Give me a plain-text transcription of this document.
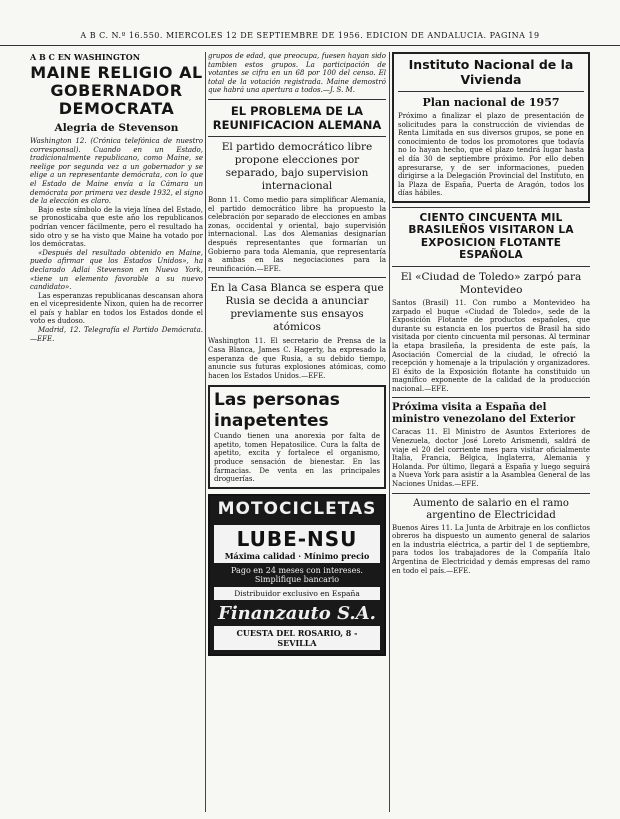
A B C. N.º 16.550. MIERCOLES 12 DE SEPTIEMBRE DE 1956. EDICION DE ANDALUCIA. PAGINA 19

A B C EN WASHINGTON

MAINE RELIGIO AL GOBERNADOR DEMOCRATA
Alegria de Stevenson

Washington 12. (Crónica telefónica de nuestro corresponsal). Cuando en un Estado, tradicionalmente republicano, como Maine, se reelige por segunda vez a un gobernador y se elige a un representante demócrata, con lo que el Estado de Maine envía a la Cámara un demócrata por primera vez desde 1932, el signo de la elección es claro.

Bajo este símbolo de la vieja línea del Estado, se pronosticaba que este año los republicanos podrían vencer fácilmente, pero el resultado ha sido otro y se ha visto que Maine ha votado por los demócratas.

«Después del resultado obtenido en Maine, puedo afirmar que los Estados Unidos», ha declarado Adlai Stevenson en Nueva York, «tiene un elemento favorable a su nuevo candidato».

Las esperanzas republicanas descansan ahora en el vicepresidente Nixon, quien ha de recorrer el país y hablar en todos los Estados donde el voto es dudoso.

Madrid, 12. Telegrafía el Partido Demócrata.—EFE.

grupos de edad, que preocupa, fuesen hayan sido tambien estos grupos. La participación de votantes se cifra en un 68 por 100 del censo. El total de la votación registrada. Maine demostró que habrá una apertura a todos.—J. S. M.

EL PROBLEMA DE LA REUNIFICACION ALEMANA
El partido democrático libre propone elecciones por separado, bajo supervision internacional

Bonn 11. Como medio para simplificar Alemania, el partido democrático libre ha propuesto la celebración por separado de elecciones en ambas zonas, occidental y oriental, bajo supervisión internacional. Las dos Alemanias designarían después representantes que formarían un Gobierno para toda Alemania, que representaría a ambas en las negociaciones para la reunificación.—EFE.

En la Casa Blanca se espera que Rusia se decida a anunciar previamente sus ensayos atómicos

Washington 11. El secretario de Prensa de la Casa Blanca, James C. Hagerty, ha expresado la esperanza de que Rusia, a su debido tiempo, anuncie sus futuras explosiones atómicas, como hacen los Estados Unidos.—EFE.

Las personas inapetentes

Cuando tienen una anorexia por falta de apetito, tomen Hepatosilice. Cura la falta de apetito, excita y fortalece el organismo, produce sensación de bienestar. En las farmacias. De venta en las principales droguerías.

MOTOCICLETAS
LUBE-NSU
Máxima calidad · Mínimo precio
Pago en 24 meses con intereses. Simplifique bancario
Distribuidor exclusivo en España
Finanzauto S.A.
CUESTA DEL ROSARIO, 8 - SEVILLA
Instituto Nacional de la Vivienda
Plan nacional de 1957

Próximo a finalizar el plazo de presentación de solicitudes para la construcción de viviendas de Renta Limitada en sus diversos grupos, se pone en conocimiento de todos los promotores que todavía no lo hayan hecho, que el plazo tendrá lugar hasta el día 30 de septiembre próximo. Por ello deben apresurarse, y de ser informaciones, pueden dirigirse a la Delegación Provincial del Instituto, en la Plaza de España, Puerta de Aragón, todos los días hábiles.

CIENTO CINCUENTA MIL BRASILEÑOS VISITARON LA EXPOSICION FLOTANTE ESPAÑOLA
El «Ciudad de Toledo» zarpó para Montevideo

Santos (Brasil) 11. Con rumbo a Montevideo ha zarpado el buque «Ciudad de Toledo», sede de la Exposición Flotante de productos españoles, que durante su estancia en los puertos de Brasil ha sido visitada por ciento cincuenta mil personas. Al terminar la etapa brasileña, la presidenta de este país, la Asociación Comercial de la ciudad, le ofreció la recepción y homenaje a la tripulación y organizadores. El éxito de la Exposición flotante ha constituido un magnífico exponente de la calidad de la producción nacional.—EFE.

Próxima visita a España del ministro venezolano del Exterior

Caracas 11. El Ministro de Asuntos Exteriores de Venezuela, doctor José Loreto Arismendi, saldrá de viaje el 20 del corriente mes para visitar oficialmente Italia, Francia, Bélgica, Inglaterra, Alemania y Holanda. Por último, llegará a España y luego seguirá a Nueva York para asistir a la Asamblea General de las Naciones Unidas.—EFE.

Aumento de salario en el ramo argentino de Electricidad

Buenos Aires 11. La Junta de Arbitraje en los conflictos obreros ha dispuesto un aumento general de salarios en la industria eléctrica, a partir del 1 de septiembre, para todos los trabajadores de la Compañía Italo Argentina de Electricidad y demás empresas del ramo en todo el país.—EFE.
